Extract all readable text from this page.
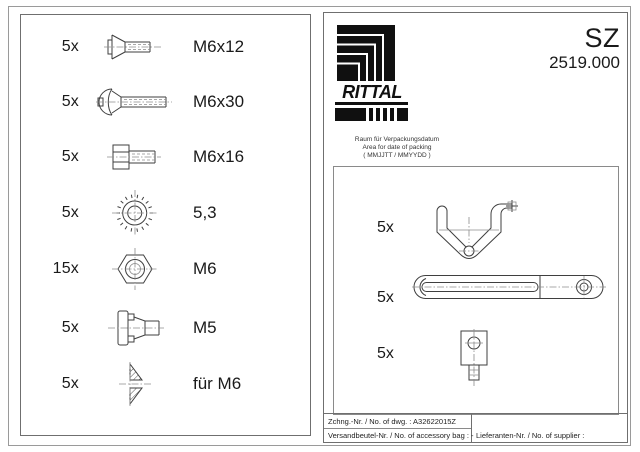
5x	M6x12
5x	M6x30
5x	M6x16
5x	5,3
15x	M6
5x	M5
5x	für M6
RITTAL
SZ
2519.000
Raum für Verpackungsdatum
Area for date of packing
( MMJJTT / MMYYDD )
5x
5x
5x
Zchng.-Nr. / No. of dwg. : A32622015Z
Versandbeutel-Nr. / No. of accessory bag : - Lieferanten-Nr. / No. of supplier :
